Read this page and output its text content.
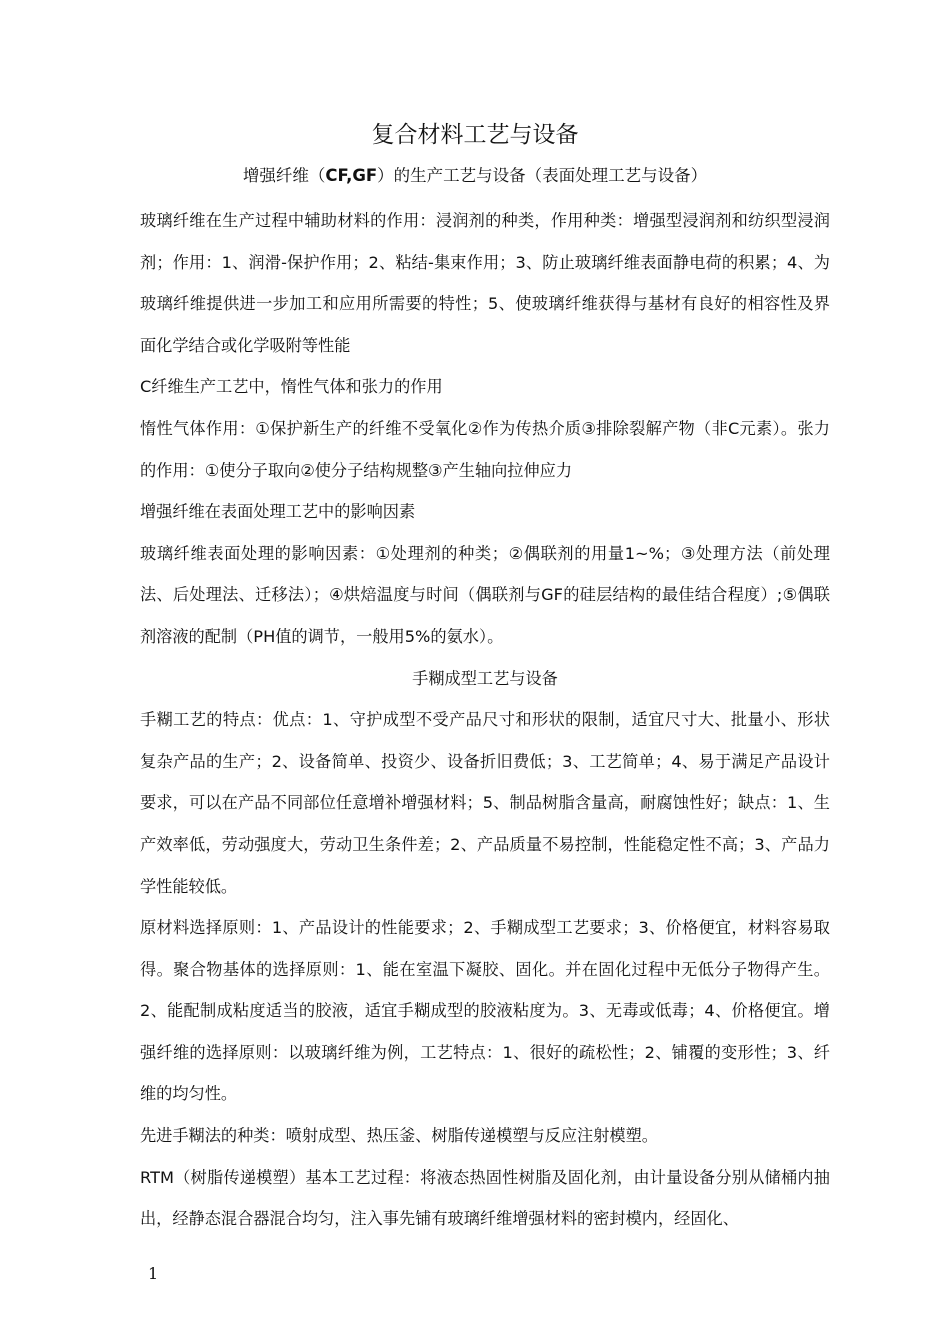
复合材料工艺与设备
增强纤维（CF,GF）的生产工艺与设备（表面处理工艺与设备）

玻璃纤维在生产过程中辅助材料的作用：浸润剂的种类，作用种类：增强型浸润剂和纺织型浸润剂；作用：1、润滑-保护作用；2、粘结-集束作用；3、防止玻璃纤维表面静电荷的积累；4、为玻璃纤维提供进一步加工和应用所需要的特性；5、使玻璃纤维获得与基材有良好的相容性及界面化学结合或化学吸附等性能

C纤维生产工艺中，惰性气体和张力的作用

惰性气体作用：①保护新生产的纤维不受氧化②作为传热介质③排除裂解产物（非C元素）。张力的作用：①使分子取向②使分子结构规整③产生轴向拉伸应力

增强纤维在表面处理工艺中的影响因素

玻璃纤维表面处理的影响因素：①处理剂的种类；②偶联剂的用量1~%；③处理方法（前处理法、后处理法、迁移法）；④烘焙温度与时间（偶联剂与GF的硅层结构的最佳结合程度）;⑤偶联剂溶液的配制（PH值的调节，一般用5%的氨水）。

手糊成型工艺与设备

手糊工艺的特点：优点：1、守护成型不受产品尺寸和形状的限制，适宜尺寸大、批量小、形状复杂产品的生产；2、设备简单、投资少、设备折旧费低；3、工艺简单；4、易于满足产品设计要求，可以在产品不同部位任意增补增强材料；5、制品树脂含量高，耐腐蚀性好；缺点：1、生产效率低，劳动强度大，劳动卫生条件差；2、产品质量不易控制，性能稳定性不高；3、产品力学性能较低。

原材料选择原则：1、产品设计的性能要求；2、手糊成型工艺要求；3、价格便宜，材料容易取得。聚合物基体的选择原则：1、能在室温下凝胶、固化。并在固化过程中无低分子物得产生。2、能配制成粘度适当的胶液，适宜手糊成型的胶液粘度为。3、无毒或低毒；4、价格便宜。增强纤维的选择原则：以玻璃纤维为例，工艺特点：1、很好的疏松性；2、铺覆的变形性；3、纤维的均匀性。

先进手糊法的种类：喷射成型、热压釜、树脂传递模塑与反应注射模塑。

RTM（树脂传递模塑）基本工艺过程：将液态热固性树脂及固化剂，由计量设备分别从储桶内抽出，经静态混合器混合均匀，注入事先铺有玻璃纤维增强材料的密封模内，经固化、

1
